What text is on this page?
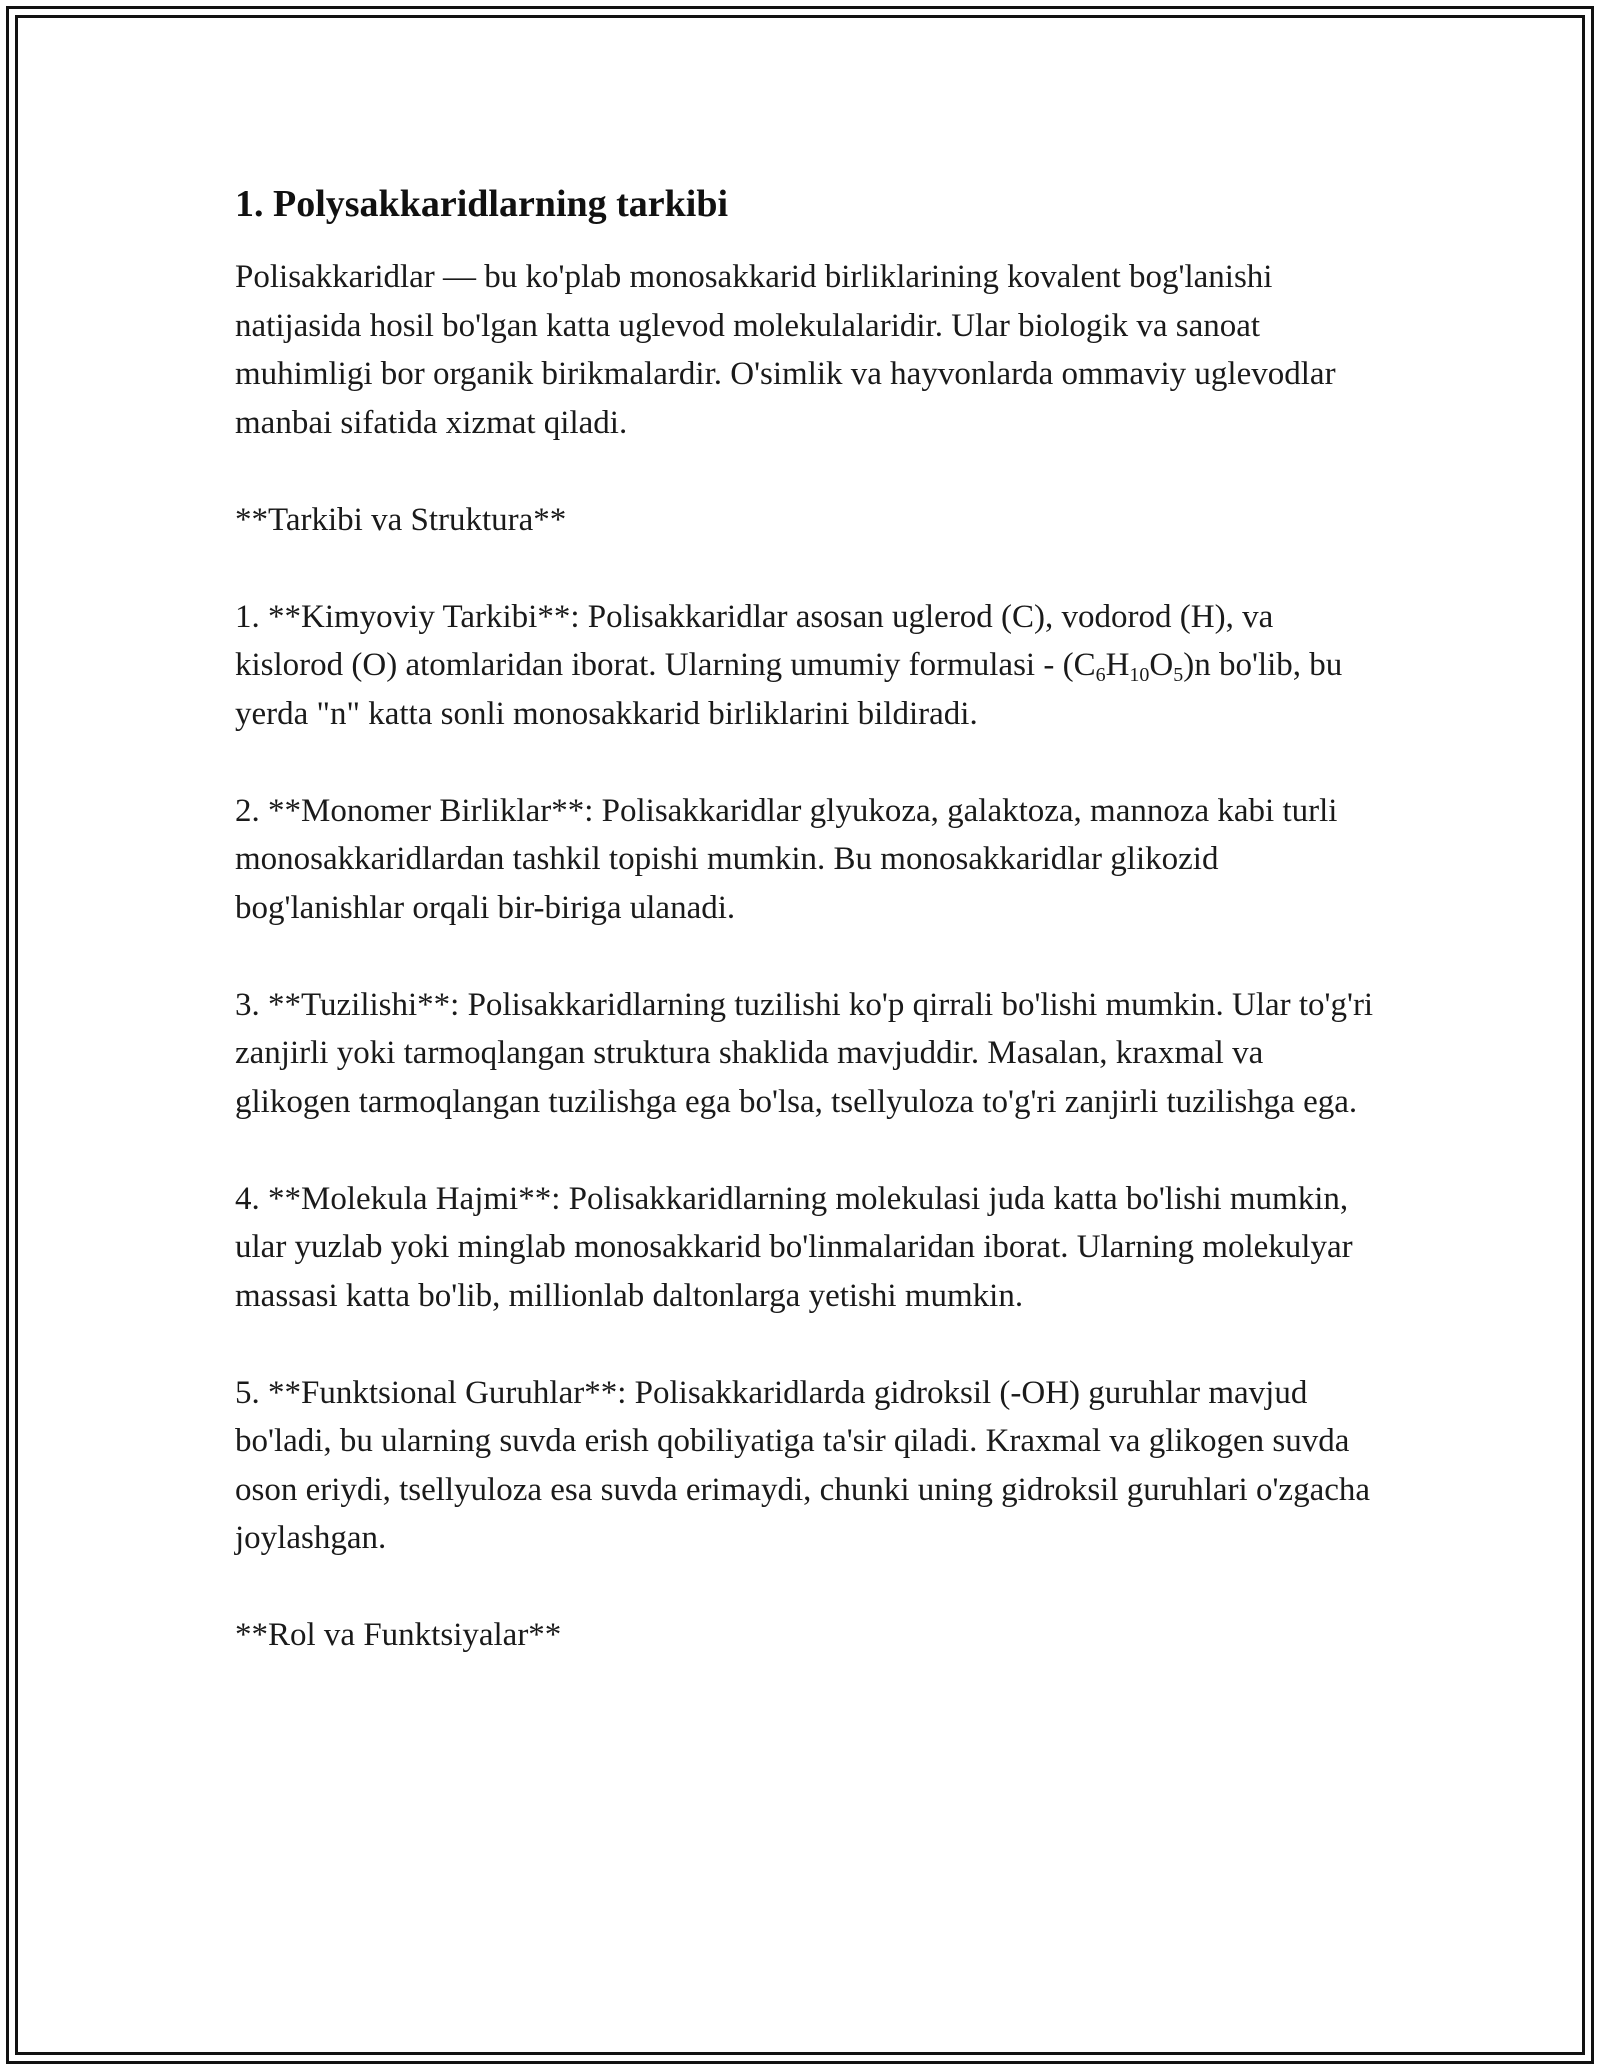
1. Polysakkaridlarning tarkibi

Polisakkaridlar — bu ko'plab monosakkarid birliklarining kovalent bog'lanishi natijasida hosil bo'lgan katta uglevod molekulalaridir. Ular biologik va sanoat muhimligi bor organik birikmalardir. O'simlik va hayvonlarda ommaviy uglevodlar manbai sifatida xizmat qiladi.

**Tarkibi va Struktura**

1. **Kimyoviy Tarkibi**: Polisakkaridlar asosan uglerod (C), vodorod (H), va kislorod (O) atomlaridan iborat. Ularning umumiy formulasi - $(C_6H_{10}O_5)n$ bo'lib, bu yerda "n" katta sonli monosakkarid birliklarini bildiradi.

2. **Monomer Birliklar**: Polisakkaridlar glyukoza, galaktoza, mannoza kabi turli monosakkaridlardan tashkil topishi mumkin. Bu monosakkaridlar glikozid bog'lanishlar orqali bir-biriga ulanadi.

3. **Tuzilishi**: Polisakkaridlarning tuzilishi ko'p qirrali bo'lishi mumkin. Ular to'g'ri zanjirli yoki tarmoqlangan struktura shaklida mavjuddir. Masalan, kraxmal va glikogen tarmoqlangan tuzilishga ega bo'lsa, tsellyuloza to'g'ri zanjirli tuzilishga ega.

4. **Molekula Hajmi**: Polisakkaridlarning molekulasi juda katta bo'lishi mumkin, ular yuzlab yoki minglab monosakkarid bo'linmalaridan iborat. Ularning molekulyar massasi katta bo'lib, millionlab daltonlarga yetishi mumkin.

5. **Funktsional Guruhlar**: Polisakkaridlarda gidroksil (-OH) guruhlar mavjud bo'ladi, bu ularning suvda erish qobiliyatiga ta'sir qiladi. Kraxmal va glikogen suvda oson eriydi, tsellyuloza esa suvda erimaydi, chunki uning gidroksil guruhlari o'zgacha joylashgan.

**Rol va Funktsiyalar**
